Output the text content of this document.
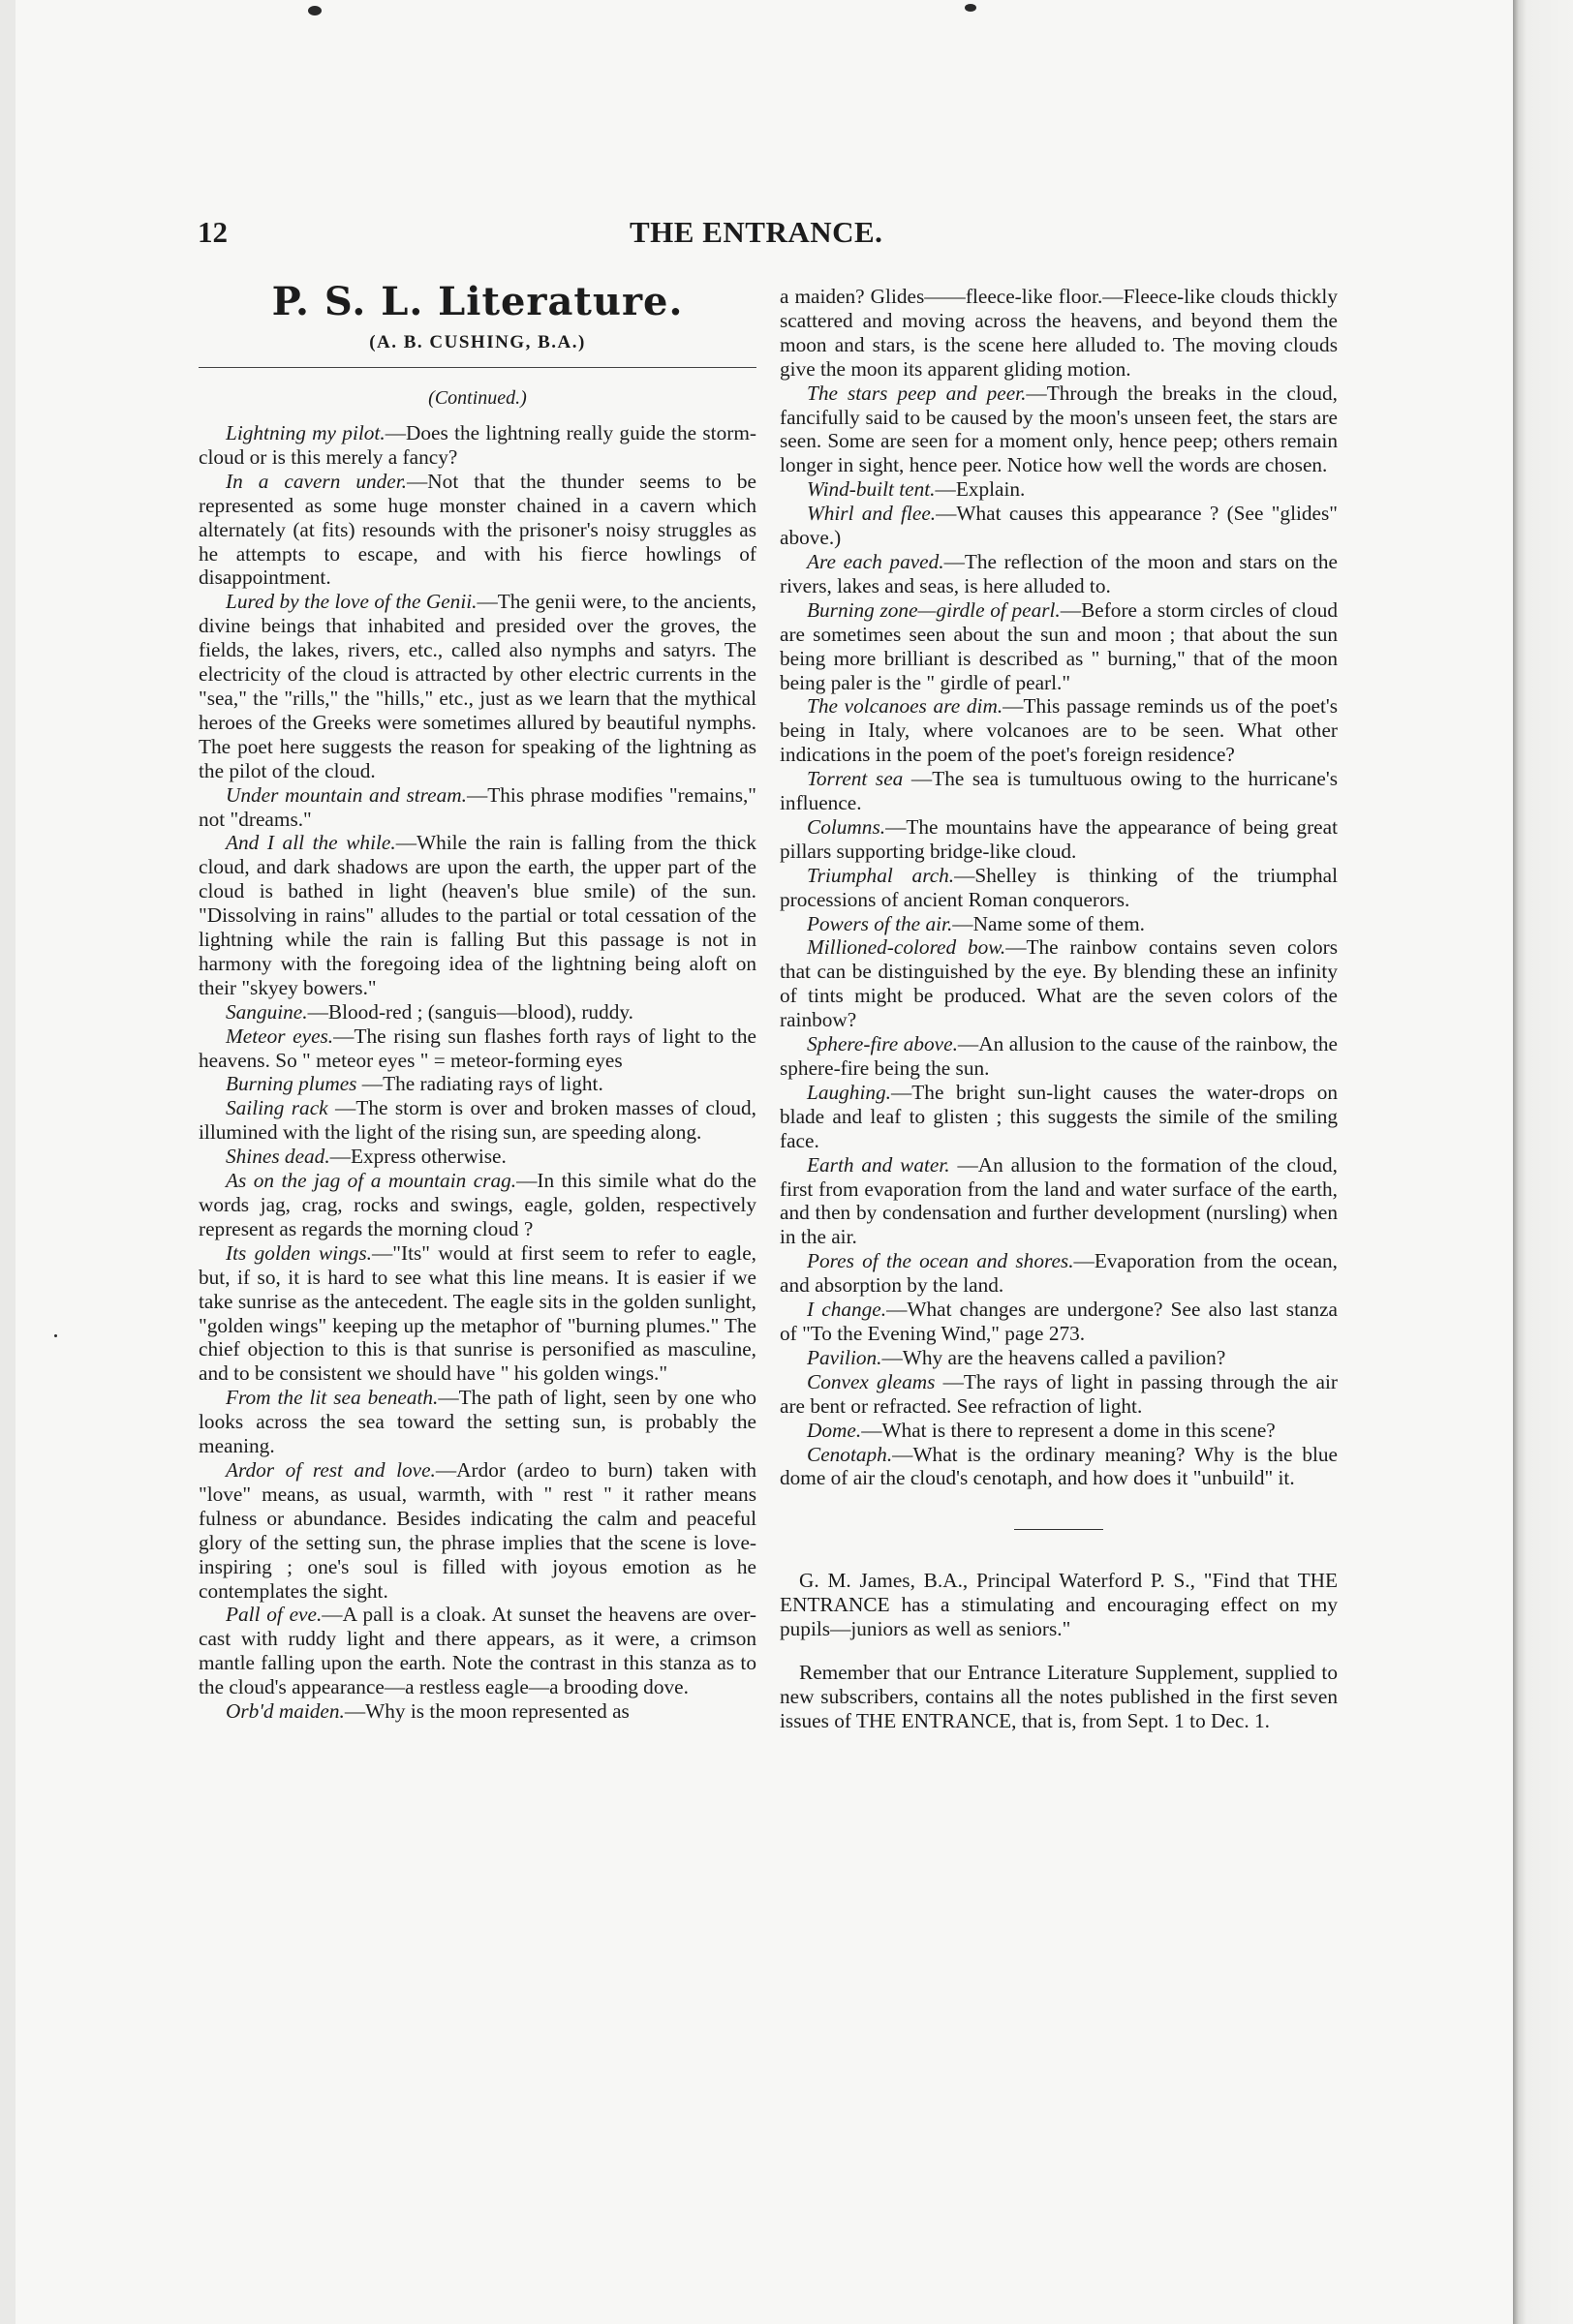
12	THE ENTRANCE.
P. S. L. Literature.
(A. B. CUSHING, B.A.)
(Continued.)

Lightning my pilot.—Does the lightning really guide the storm-cloud or is this merely a fancy?

In a cavern under.—Not that the thunder seems to be represented as some huge monster chained in a cavern which alternately (at fits) resounds with the prisoner's noisy struggles as he attempts to escape, and with his fierce howlings of disappointment.

Lured by the love of the Genii.—The genii were, to the ancients, divine beings that inhabited and presided over the groves, the fields, the lakes, rivers, etc., called also nymphs and satyrs. The electricity of the cloud is attracted by other electric currents in the "sea," the "rills," the "hills," etc., just as we learn that the mythical heroes of the Greeks were sometimes allured by beautiful nymphs. The poet here suggests the reason for speaking of the lightning as the pilot of the cloud.

Under mountain and stream.—This phrase modifies "remains," not "dreams."

And I all the while.—While the rain is falling from the thick cloud, and dark shadows are upon the earth, the upper part of the cloud is bathed in light (heaven's blue smile) of the sun. "Dissolving in rains" alludes to the partial or total cessation of the lightning while the rain is falling But this passage is not in harmony with the foregoing idea of the lightning being aloft on their "skyey bowers."

Sanguine.—Blood-red ; (sanguis—blood), ruddy.

Meteor eyes.—The rising sun flashes forth rays of light to the heavens. So " meteor eyes " = meteor-forming eyes

Burning plumes —The radiating rays of light.

Sailing rack —The storm is over and broken masses of cloud, illumined with the light of the rising sun, are speeding along.

Shines dead.—Express otherwise.

As on the jag of a mountain crag.—In this simile what do the words jag, crag, rocks and swings, eagle, golden, respectively represent as regards the morning cloud ?

Its golden wings.—"Its" would at first seem to refer to eagle, but, if so, it is hard to see what this line means. It is easier if we take sunrise as the antecedent. The eagle sits in the golden sunlight, "golden wings" keeping up the metaphor of "burning plumes." The chief objection to this is that sunrise is personified as masculine, and to be consistent we should have " his golden wings."

From the lit sea beneath.—The path of light, seen by one who looks across the sea toward the setting sun, is probably the meaning.

Ardor of rest and love.—Ardor (ardeo to burn) taken with "love" means, as usual, warmth, with " rest " it rather means fulness or abundance. Besides indicating the calm and peaceful glory of the setting sun, the phrase implies that the scene is love-inspiring ; one's soul is filled with joyous emotion as he contemplates the sight.

Pall of eve.—A pall is a cloak. At sunset the heavens are over-cast with ruddy light and there appears, as it were, a crimson mantle falling upon the earth. Note the contrast in this stanza as to the cloud's appearance—a restless eagle—a brooding dove.

Orb'd maiden.—Why is the moon represented as

a maiden? Glides——fleece-like floor.—Fleece-like clouds thickly scattered and moving across the heavens, and beyond them the moon and stars, is the scene here alluded to. The moving clouds give the moon its apparent gliding motion.

The stars peep and peer.—Through the breaks in the cloud, fancifully said to be caused by the moon's unseen feet, the stars are seen. Some are seen for a moment only, hence peep; others remain longer in sight, hence peer. Notice how well the words are chosen.

Wind-built tent.—Explain.

Whirl and flee.—What causes this appearance ? (See "glides" above.)

Are each paved.—The reflection of the moon and stars on the rivers, lakes and seas, is here alluded to.

Burning zone—girdle of pearl.—Before a storm circles of cloud are sometimes seen about the sun and moon ; that about the sun being more brilliant is described as " burning," that of the moon being paler is the " girdle of pearl."

The volcanoes are dim.—This passage reminds us of the poet's being in Italy, where volcanoes are to be seen. What other indications in the poem of the poet's foreign residence?

Torrent sea —The sea is tumultuous owing to the hurricane's influence.

Columns.—The mountains have the appearance of being great pillars supporting bridge-like cloud.

Triumphal arch.—Shelley is thinking of the triumphal processions of ancient Roman conquerors.

Powers of the air.—Name some of them.

Millioned-colored bow.—The rainbow contains seven colors that can be distinguished by the eye. By blending these an infinity of tints might be produced. What are the seven colors of the rainbow?

Sphere-fire above.—An allusion to the cause of the rainbow, the sphere-fire being the sun.

Laughing.—The bright sun-light causes the water-drops on blade and leaf to glisten ; this suggests the simile of the smiling face.

Earth and water. —An allusion to the formation of the cloud, first from evaporation from the land and water surface of the earth, and then by condensation and further development (nursling) when in the air.

Pores of the ocean and shores.—Evaporation from the ocean, and absorption by the land.

I change.—What changes are undergone? See also last stanza of "To the Evening Wind," page 273.

Pavilion.—Why are the heavens called a pavilion?

Convex gleams —The rays of light in passing through the air are bent or refracted. See refraction of light.

Dome.—What is there to represent a dome in this scene?

Cenotaph.—What is the ordinary meaning? Why is the blue dome of air the cloud's cenotaph, and how does it "unbuild" it.

G. M. James, B.A., Principal Waterford P. S., "Find that THE ENTRANCE has a stimulating and encouraging effect on my pupils—juniors as well as seniors."

Remember that our Entrance Literature Supplement, supplied to new subscribers, contains all the notes published in the first seven issues of THE ENTRANCE, that is, from Sept. 1 to Dec. 1.
